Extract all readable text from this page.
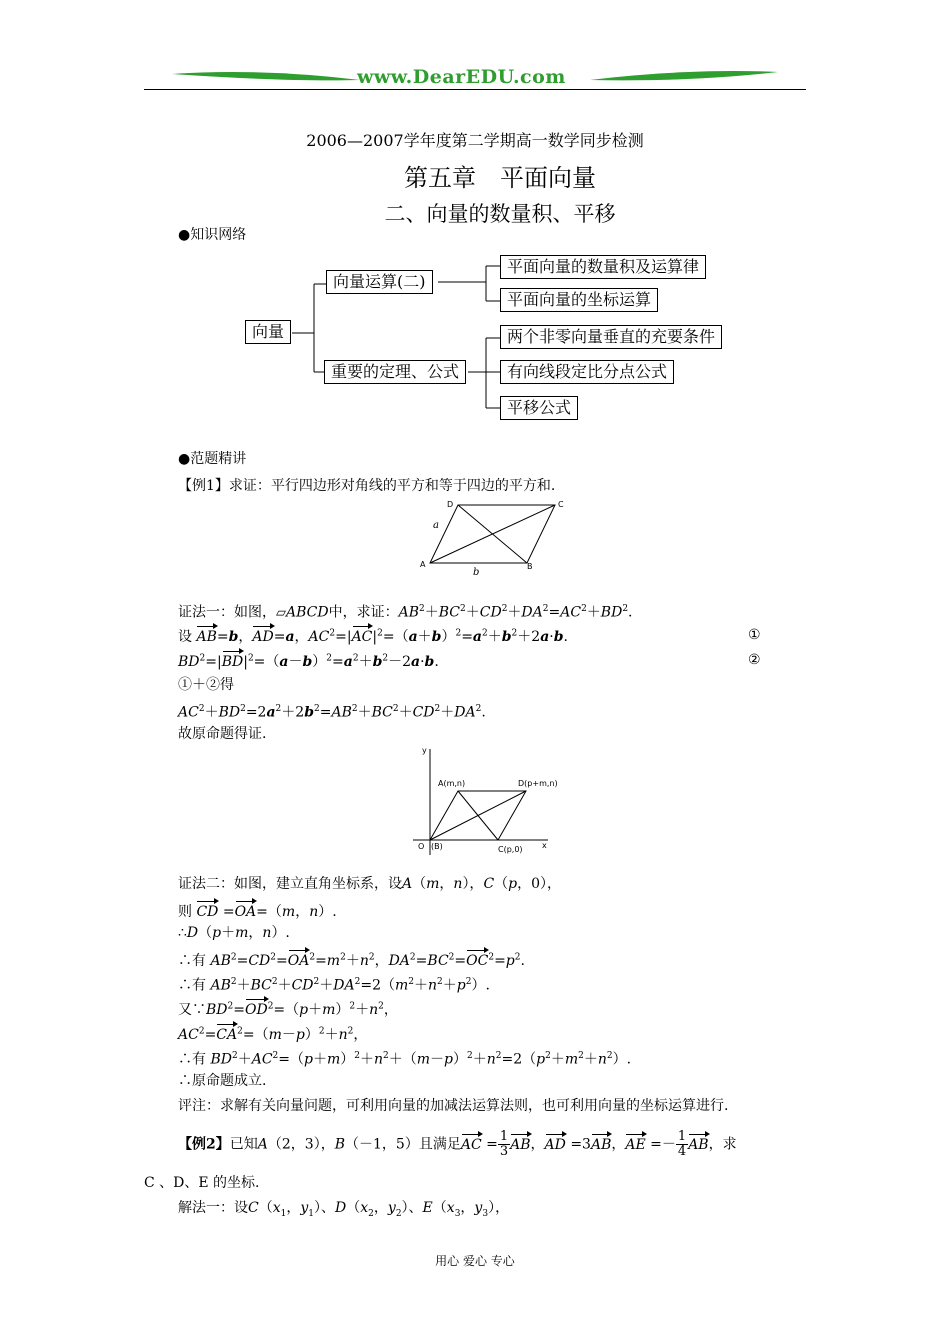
www.DearEDU.com
2006—2007学年度第二学期高一数学同步检测
第五章　平面向量
二、向量的数量积、平移
●知识网络
向量
向量运算(二)
平面向量的数量积及运算律
平面向量的坐标运算
重要的定理、公式
两个非零向量垂直的充要条件
有向线段定比分点公式
平移公式
●范题精讲
【例1】求证：平行四边形对角线的平方和等于四边的平方和.
A	B
C
D
a
b
证法一：如图，▱ABCD中，求证：$AB^2+BC^2+CD^2+DA^2=AC^2+BD^2$.
设 AB=b，AD=a，$AC^2=|AC|^2=(a+b)^2=a^2+b^2+2a\cdot b$.	①
$BD^2=|BD|^2=(a-b)^2=a^2+b^2-2a\cdot b$.	②
①＋②得
$AC^2+BD^2=2a^2+2b^2=AB^2+BC^2+CD^2+DA^2$.
故原命题得证.
y
x
A(m,n)	D(p+m,n)
O (B)	C(p,0)
证法二：如图，建立直角坐标系，设A（m，n），C（p，0），
则 CD =OA=（m，n）.
∴D（p＋m，n）.
∴有 $AB^2=CD^2=OA^2=m^2+n^2$，$DA^2=BC^2=OC^2=p^2$.
∴有 $AB^2+BC^2+CD^2+DA^2=2(m^2+n^2+p^2)$.
又$\because BD^2=OD^2=(p+m)^2+n^2$，
$AC^2=CA^2=(m-p)^2+n^2$，
∴有 $BD^2+AC^2=(p+m)^2+n^2+(m-p)^2+n^2=2(p^2+m^2+n^2)$.
∴原命题成立.
评注：求解有关向量问题，可利用向量的加减法运算法则，也可利用向量的坐标运算进行.
【例2】已知A（2，3），B（－1，5）且满足AC = $\frac{1}{3}$ AB，AD =3AB，AE =－ $\frac{1}{4}$ AB，求
C 、D、E 的坐标.
解法一：设$C(x_1$，$y_1$）、$D(x_2$，$y_2$）、$E(x_3$，$y_3$），
用心 爱心 专心
